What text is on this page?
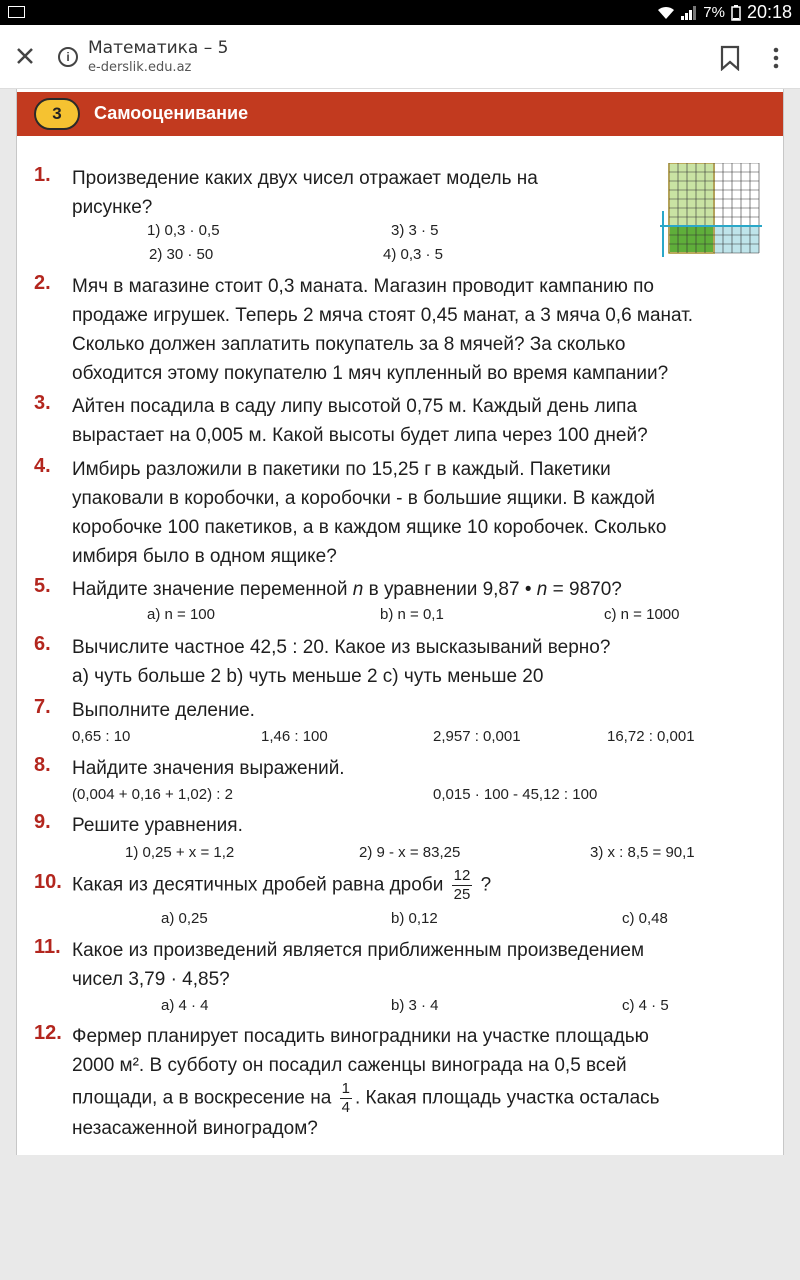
7% 20:18
i	Математика – 5
e-derslik.edu.az
3	Самооценивание
1. Произведение каких двух чисел отражает модель на
рисунке?
1) 0,3 · 0,5	3) 3 · 5
2) 30 · 50	4) 0,3 · 5
2. Мяч в магазине стоит 0,3 маната. Магазин проводит кампанию по
продаже игрушек. Теперь 2 мяча стоят 0,45 манат, а 3 мяча 0,6 манат.
Сколько должен заплатить покупатель за 8 мячей? За сколько
обходится этому покупателю 1 мяч купленный во время кампании?
3. Айтен посадила в саду липу высотой 0,75 м. Каждый день липа
вырастает на 0,005 м. Какой высоты будет липа через 100 дней?
4. Имбирь разложили в пакетики по 15,25 г в каждый. Пакетики
упаковали в коробочки, а коробочки - в большие ящики. В каждой
коробочке 100 пакетиков, а в каждом ящике 10 коробочек. Сколько
имбиря было в одном ящике?
5. Найдите значение переменной n в уравнении 9,87 • n = 9870?
a) n = 100	b) n = 0,1	c) n = 1000
6. Вычислите частное 42,5 : 20. Какое из высказываний верно?
a) чуть больше 2 b) чуть меньше 2 c) чуть меньше 20
7. Выполните деление.
0,65 : 10	1,46 : 100	2,957 : 0,001	16,72 : 0,001
8. Найдите значения выражений.
(0,004 + 0,16 + 1,02) : 2	0,015 · 100 - 45,12 : 100
9. Решите уравнения.
1) 0,25 + x = 1,2	2) 9 - x = 83,25	3) x : 8,5 = 90,1
10. Какая из десятичных дробей равна дроби $\frac{12}{25}$ ?
a) 0,25	b) 0,12	c) 0,48
11. Какое из произведений является приближенным произведением
чисел 3,79 · 4,85?
a) 4 · 4	b) 3 · 4	c) 4 · 5
12. Фермер планирует посадить виноградники на участке площадью
2000 м². В субботу он посадил саженцы винограда на 0,5 всей
площади, а в воскресение на $\frac{1}{4}$ . Какая площадь участка осталась
незасаженной виноградом?
